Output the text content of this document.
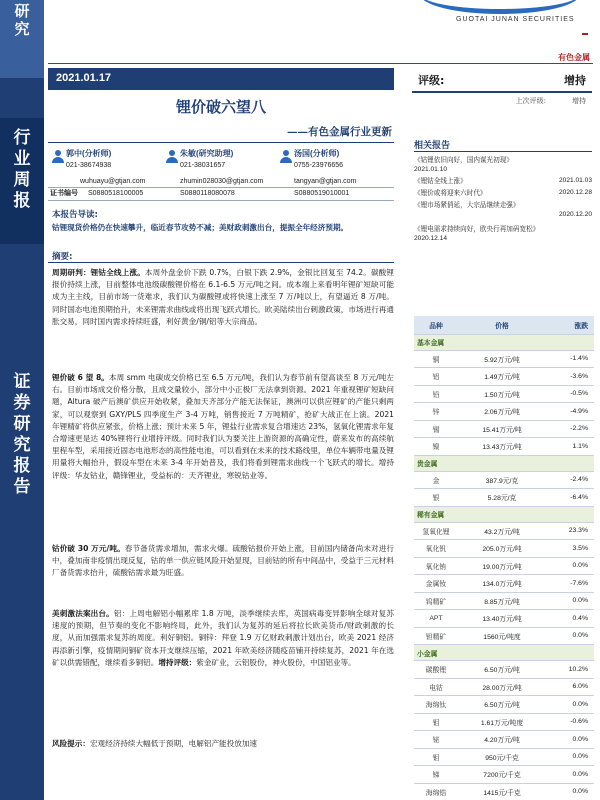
研
究
行
业
周
报
证
券
研
究
报
告
GUOTAI JUNAN SECURITIES
有色金属
2021.01.17
锂价破六望八
——有色金属行业更新
郭中(分析师)
021-38674938
朱敏(研究助理)
021-38031657
汤国(分析师)
0755-23976656
wuhuayu@gtjan.com	zhumin028030@gtjan.com	tangyan@gtjan.com
证书编号 S0880518100005	S0880118080078	S0880519010001
本报告导读:
钴锂现货价格仍在快速攀升，临近春节攻势不减；美财政刺激出台，提振全年经济预期。
摘要:
周期研判：锂钴全线上涨。本周外盘金价下跌 0.7%，白银下跌 2.9%，金银比回复至 74.2。碳酸锂报价持续上涨，目前整体电池级碳酸锂价格在 6.1-6.5 万元/吨之间。成本端上来看明年锂矿短缺可能成为主主线，目前市场一货难求，我们认为碳酸锂或将快速上涨至 7 万/吨以上，有望逼近 8 万/吨。同时国态电池预期抬升，未来锂需求曲线或将出现飞跃式增长。欧美陆续出台刺激政策，市场进行再通胀交易，同时国内需求持续旺盛，利好黄金/铜/铝等大宗商品。
锂价破 6 望 8。本周 smm 电碳成交价格已至 6.5 万元/吨，我们认为春节前有望高谈至 8 万元/吨左右。目前市场成交价格分散，且成交量较小，部分中小正极厂无法拿到资源。2021 年重视锂矿短缺问题，Altura 破产后澳矿供应开始收紧，叠加天齐部分产能无法保证，澳洲可以供应锂矿的产能只剩两家，可以观察到 GXY/PLS 四季度生产 3-4 万吨，销售接近 7 万吨精矿，抢矿大战正在上演。2021 年锂精矿将供应紧张，价格上涨；预计未来 5 年，锂盐行业需求复合增速达 23%，氢氧化锂需求年复合增速更是达 40%锂将行业增持评级。同时我们认为要关注上游资源的高确定性，蔚来发布的高续航里程车型，采用接近固态电池形态的高性能电池，可以看到在未来的技术路线里，单位车辆带电量及锂用量将大幅抬升，假设车型在未来 3-4 年开始普及，我们将看到锂需求曲线一个飞跃式的增长。增持评级：华友钴业，赣锋锂业，受益标的：天齐锂业，寒锐钴业等。
钴价破 30 万元/吨。春节备货需求增加，需求火爆。硫酸钴报价开始上涨，目前国内储备尚未对进行中，叠加南非疫情出现反复，钴的单一供应链风险开始显现，目前钴的所有中间品中，受益于三元材料厂备货需求抬升，硫酸钴需求最为旺盛。
美刺激法案出台。铝：上周电解铝小幅累库 1.8 万吨，淡季继续去库，英国病毒变异影响全球对复苏速度的预期，但节奏的变化不影响终局，此外，我们认为复苏的延后将拉长欧美货币/财政刺激的长度，从而加强需求复苏的周度。利好铜铝。铜锌：拜登 1.9 万亿财政刺激计划出台，欧美 2021 经济再添新引擎，疫情期间铜矿资本开支继续压缩，2021 年欧美经济随疫苗铺开持续复苏，2021 年在选矿以供需错配，继续看多铜铝。增持评级：紫金矿业，云铝股份，神火股份，中国铝业等。
风险提示：宏观经济持续大幅低于预期，电解铝产能投放加速
评级:	增持
上次评级:	增持
相关报告
《钴锂依旧向好，国内谋光初现》
2021.01.10
《锂钴全线上涨》	2021.01.03
《锂价或将迎来六时代》	2020.12.28
《锂市场紧俏延，大宗品继续走强》
2020.12.20
《锂电需求持续向好，欧央行再加码宽松》
2020.12.14
品种	价格	涨跌
基本金属		
铜	5.92万元/吨	-1.4%
铝	1.49万元/吨	-3.6%
铅	1.50万元/吨	-0.5%
锌	2.06万元/吨	-4.9%
锡	15.41万元/吨	-2.2%
镍	13.43万元/吨	1.1%
贵金属		
金	387.9元/克	-2.4%
银	5.28元/克	-6.4%
稀有金属		
氢氧化锂	43.2万元/吨	23.3%
氧化钒	205.0万元/吨	3.5%
氧化铕	19.00万元/吨	0.0%
金属钕	134.0万元/吨	-7.6%
钨精矿	8.85万元/吨	0.0%
APT	13.40万元/吨	0.4%
钽精矿	1560元/吨度	0.0%
小金属		
碳酸锂	6.50万元/吨	10.2%
电钴	28.00万元/吨	6.0%
海绵钛	6.50万元/吨	0.0%
钼	1.61万元/吨度	-0.6%
铋	4.20万元/吨	0.0%
钼	950元/千克	0.0%
锑	7200元/千克	0.0%
海绵锆	1415元/千克	0.0%
